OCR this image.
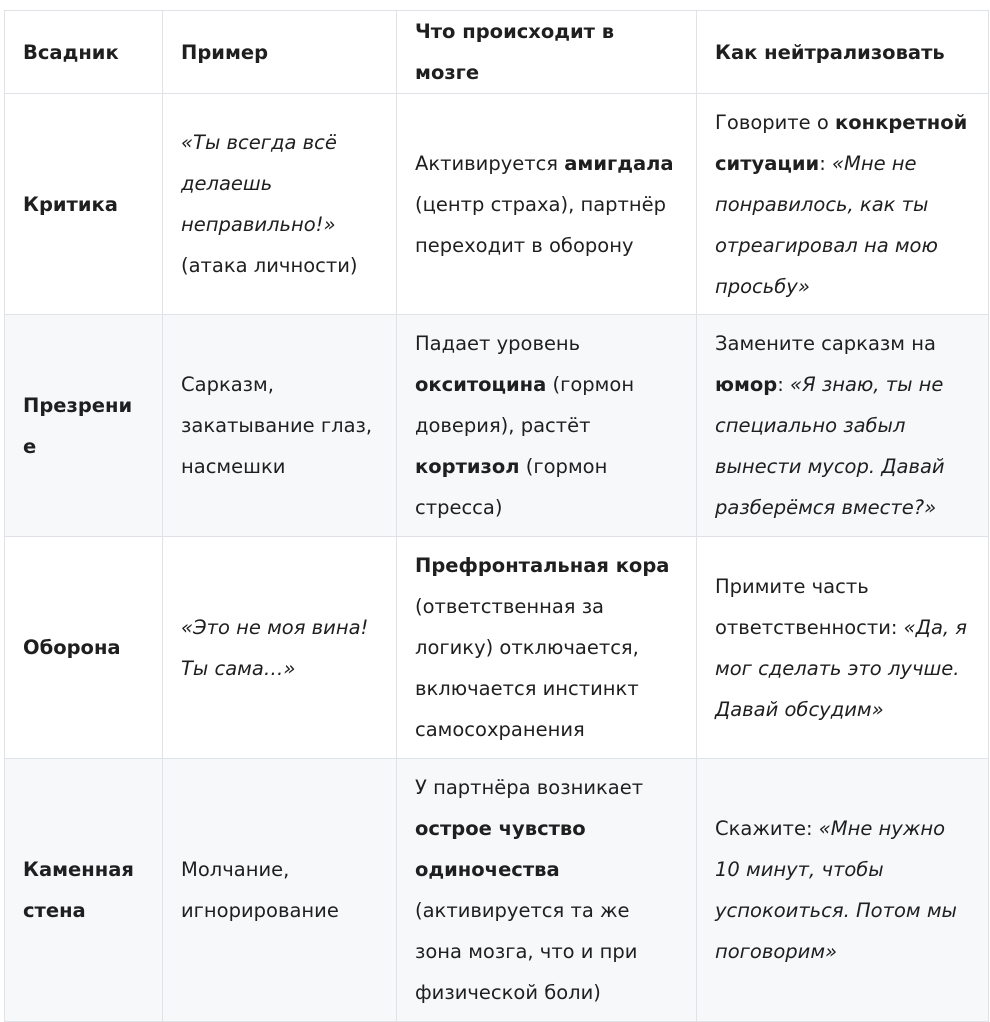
Всадник	Пример	Что происходит в мозге	Как нейтрализовать
Критика	«Ты всегда всё делаешь неправильно!» (атака личности)	Активируется амигдала (центр страха), партнёр переходит в оборону	Говорите о конкретной ситуации: «Мне не понравилось, как ты отреагировал на мою просьбу»
Презрение	Сарказм, закатывание глаз, насмешки	Падает уровень окситоцина (гормон доверия), растёт кортизол (гормон стресса)	Замените сарказм на юмор: «Я знаю, ты не специально забыл вынести мусор. Давай разберёмся вместе?»
Оборона	«Это не моя вина! Ты сама…»	Префронтальная кора (ответственная за логику) отключается, включается инстинкт самосохранения	Примите часть ответственности: «Да, я мог сделать это лучше. Давай обсудим»
Каменная стена	Молчание, игнорирование	У партнёра возникает острое чувство одиночества (активируется та же зона мозга, что и при физической боли)	Скажите: «Мне нужно 10 минут, чтобы успокоиться. Потом мы поговорим»
